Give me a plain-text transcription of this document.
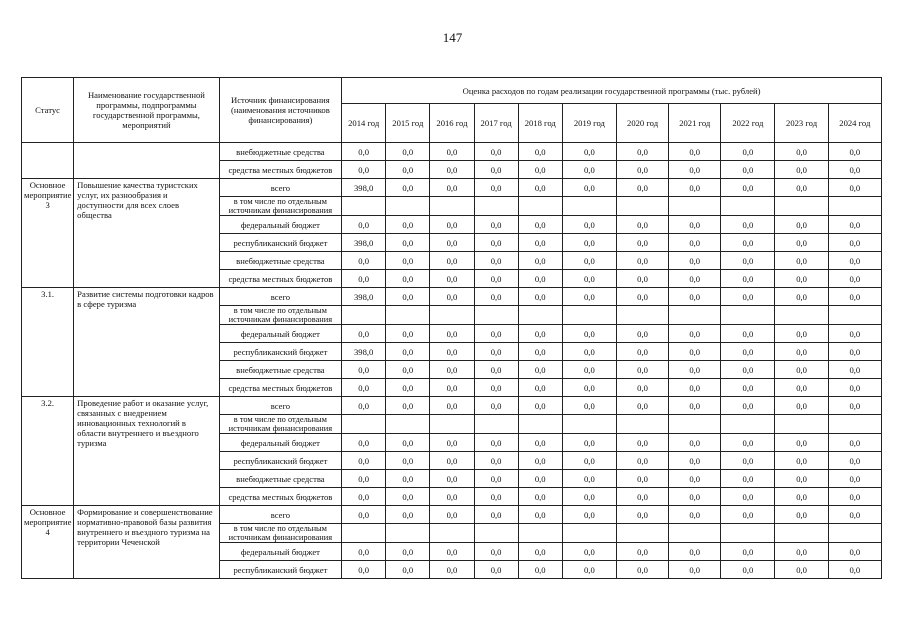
147
Статус	Наименование государственной программы, подпрограммы государственной программы, мероприятий	Источник финансирования (наименования источников финансирования)	Оценка расходов по годам реализации государственной программы (тыс. рублей)										
			2014 год	2015 год	2016 год	2017 год	2018 год	2019 год	2020 год	2021 год	2022 год	2023 год	2024 год
		внебюджетные средства	0,0	0,0	0,0	0,0	0,0	0,0	0,0	0,0	0,0	0,0	0,0
		средства местных бюджетов	0,0	0,0	0,0	0,0	0,0	0,0	0,0	0,0	0,0	0,0	0,0
Основное мероприятие 3	Повышение качества туристских услуг, их разнообразия и доступности для всех слоев общества	всего	398,0	0,0	0,0	0,0	0,0	0,0	0,0	0,0	0,0	0,0	0,0
		в том числе по отдельным источникам финансирования											
		федеральный бюджет	0,0	0,0	0,0	0,0	0,0	0,0	0,0	0,0	0,0	0,0	0,0
		республиканский бюджет	398,0	0,0	0,0	0,0	0,0	0,0	0,0	0,0	0,0	0,0	0,0
		внебюджетные средства	0,0	0,0	0,0	0,0	0,0	0,0	0,0	0,0	0,0	0,0	0,0
		средства местных бюджетов	0,0	0,0	0,0	0,0	0,0	0,0	0,0	0,0	0,0	0,0	0,0
3.1.	Развитие системы подготовки кадров в сфере туризма	всего	398,0	0,0	0,0	0,0	0,0	0,0	0,0	0,0	0,0	0,0	0,0
		в том числе по отдельным источникам финансирования											
		федеральный бюджет	0,0	0,0	0,0	0,0	0,0	0,0	0,0	0,0	0,0	0,0	0,0
		республиканский бюджет	398,0	0,0	0,0	0,0	0,0	0,0	0,0	0,0	0,0	0,0	0,0
		внебюджетные средства	0,0	0,0	0,0	0,0	0,0	0,0	0,0	0,0	0,0	0,0	0,0
		средства местных бюджетов	0,0	0,0	0,0	0,0	0,0	0,0	0,0	0,0	0,0	0,0	0,0
3.2.	Проведение работ и оказание услуг, связанных с внедрением инновационных технологий в области внутреннего и въездного туризма	всего	0,0	0,0	0,0	0,0	0,0	0,0	0,0	0,0	0,0	0,0	0,0
		в том числе по отдельным источникам финансирования											
		федеральный бюджет	0,0	0,0	0,0	0,0	0,0	0,0	0,0	0,0	0,0	0,0	0,0
		республиканский бюджет	0,0	0,0	0,0	0,0	0,0	0,0	0,0	0,0	0,0	0,0	0,0
		внебюджетные средства	0,0	0,0	0,0	0,0	0,0	0,0	0,0	0,0	0,0	0,0	0,0
		средства местных бюджетов	0,0	0,0	0,0	0,0	0,0	0,0	0,0	0,0	0,0	0,0	0,0
Основное мероприятие 4	Формирование и совершенствование нормативно-правовой базы развития внутреннего и въездного туризма на территории Чеченской	всего	0,0	0,0	0,0	0,0	0,0	0,0	0,0	0,0	0,0	0,0	0,0
		в том числе по отдельным источникам финансирования											
		федеральный бюджет	0,0	0,0	0,0	0,0	0,0	0,0	0,0	0,0	0,0	0,0	0,0
		республиканский бюджет	0,0	0,0	0,0	0,0	0,0	0,0	0,0	0,0	0,0	0,0	0,0
